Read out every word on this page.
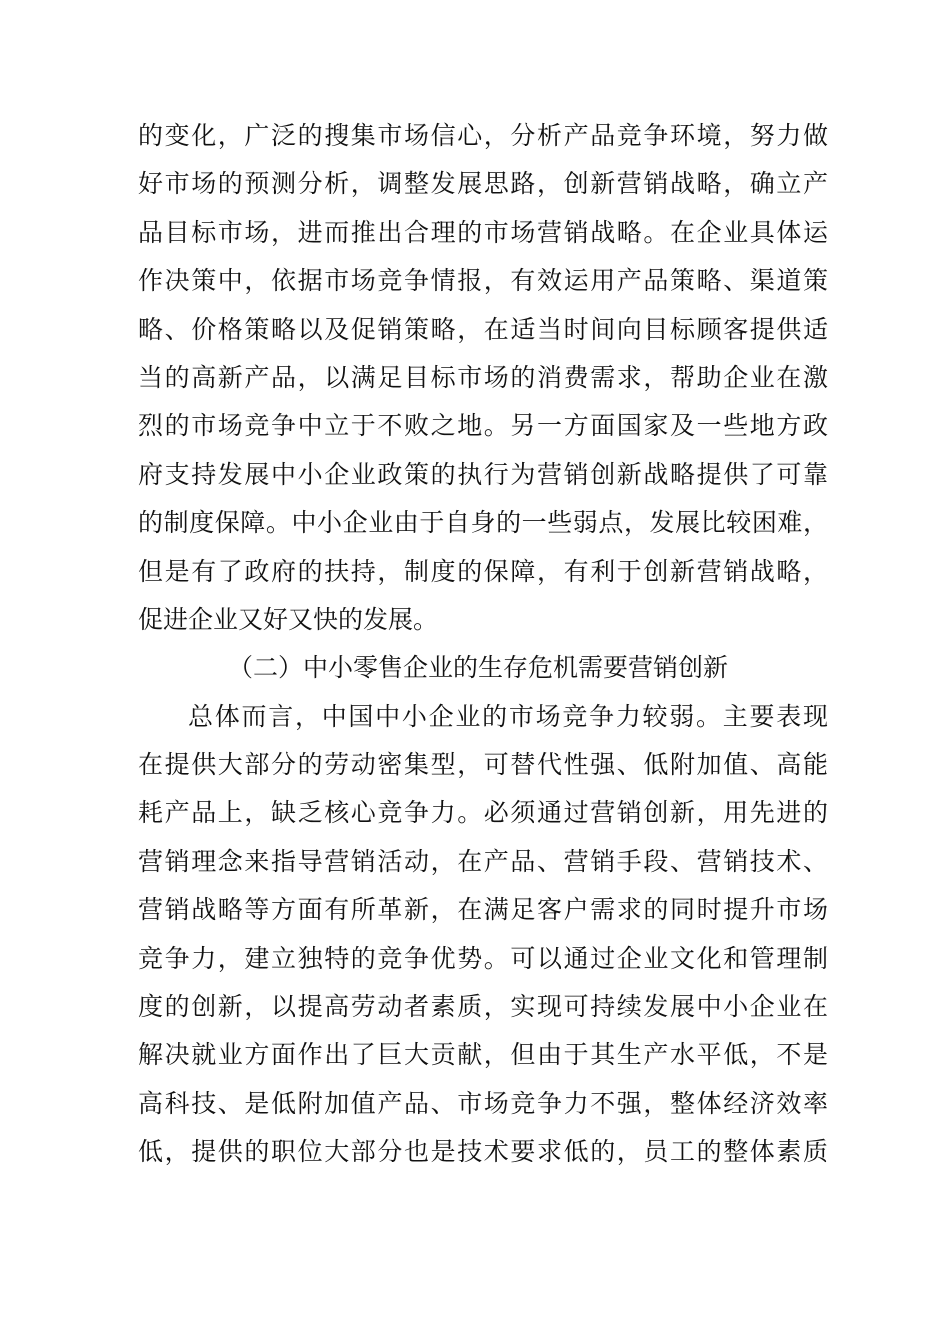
的变化，广泛的搜集市场信心，分析产品竞争环境，努力做
好市场的预测分析，调整发展思路，创新营销战略，确立产
品目标市场，进而推出合理的市场营销战略。在企业具体运
作决策中，依据市场竞争情报，有效运用产品策略、渠道策
略、价格策略以及促销策略，在适当时间向目标顾客提供适
当的高新产品，以满足目标市场的消费需求，帮助企业在激
烈的市场竞争中立于不败之地。另一方面国家及一些地方政
府支持发展中小企业政策的执行为营销创新战略提供了可靠
的制度保障。中小企业由于自身的一些弱点，发展比较困难，
但是有了政府的扶持，制度的保障，有利于创新营销战略，
促进企业又好又快的发展。
（二）中小零售企业的生存危机需要营销创新
总体而言，中国中小企业的市场竞争力较弱。主要表现
在提供大部分的劳动密集型，可替代性强、低附加值、高能
耗产品上，缺乏核心竞争力。必须通过营销创新，用先进的
营销理念来指导营销活动，在产品、营销手段、营销技术、
营销战略等方面有所革新，在满足客户需求的同时提升市场
竞争力，建立独特的竞争优势。可以通过企业文化和管理制
度的创新，以提高劳动者素质，实现可持续发展中小企业在
解决就业方面作出了巨大贡献，但由于其生产水平低，不是
高科技、是低附加值产品、市场竞争力不强，整体经济效率
低，提供的职位大部分也是技术要求低的，员工的整体素质
